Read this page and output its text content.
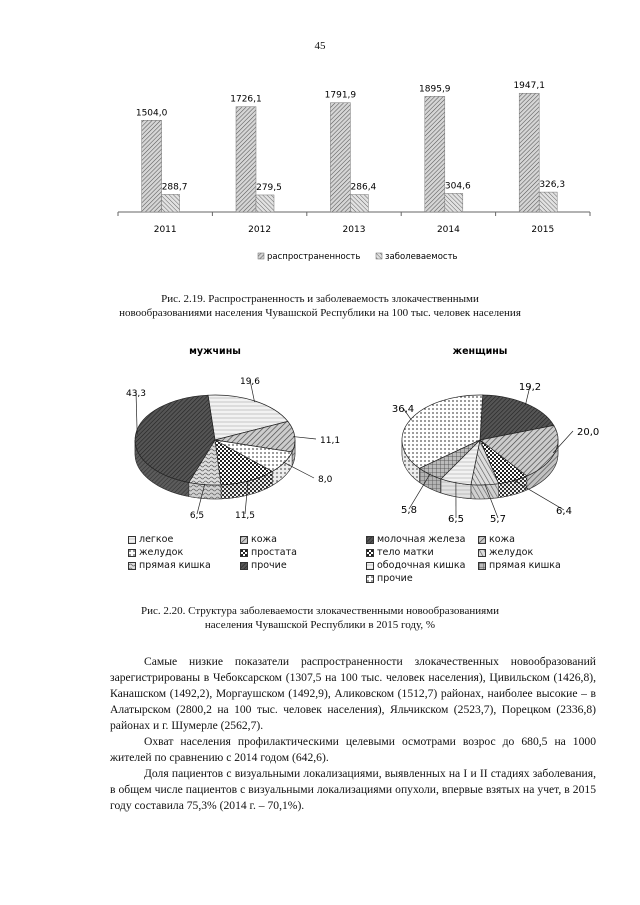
45
1504,0
288,7
2011
1726,1
279,5
2012
1791,9
286,4
2013
1895,9
304,6
2014
1947,1
326,3
2015
распространенность	заболеваемость
Рис. 2.19. Распространенность и заболеваемость злокачественными
новообразованиями населения Чувашской Республики на 100 тыс. человек населения
мужчины
19,6
11,1
8,0
11,5
6,5
43,3
женщины
19,2
20,0
6,4
5,7
6,5
5,8
36,4
легкое	кожа
желудок	простата
прямая кишка	прочие
молочная железа кожа
тело матки	желудок
ободочная кишка прямая кишка
прочие
Рис. 2.20. Структура заболеваемости злокачественными новообразованиями
населения Чувашской Республики в 2015 году, %

Самые низкие показатели распространенности злокачественных новообразований зарегистрированы в Чебоксарском (1307,5 на 100 тыс. человек населения), Цивильском (1426,8), Канашском (1492,2), Моргаушском (1492,9), Аликовском (1512,7) районах, наиболее высокие – в Алатырском (2800,2 на 100 тыс. человек населения), Яльчикском (2523,7), Порецком (2336,8) районах и г. Шумерле (2562,7).

Охват населения профилактическими целевыми осмотрами возрос до 680,5 на 1000 жителей по сравнению с 2014 годом (642,6).

Доля пациентов с визуальными локализациями, выявленных на I и II стадиях заболевания, в общем числе пациентов с визуальными локализациями опухоли, впервые взятых на учет, в 2015 году составила 75,3% (2014 г. – 70,1%).
